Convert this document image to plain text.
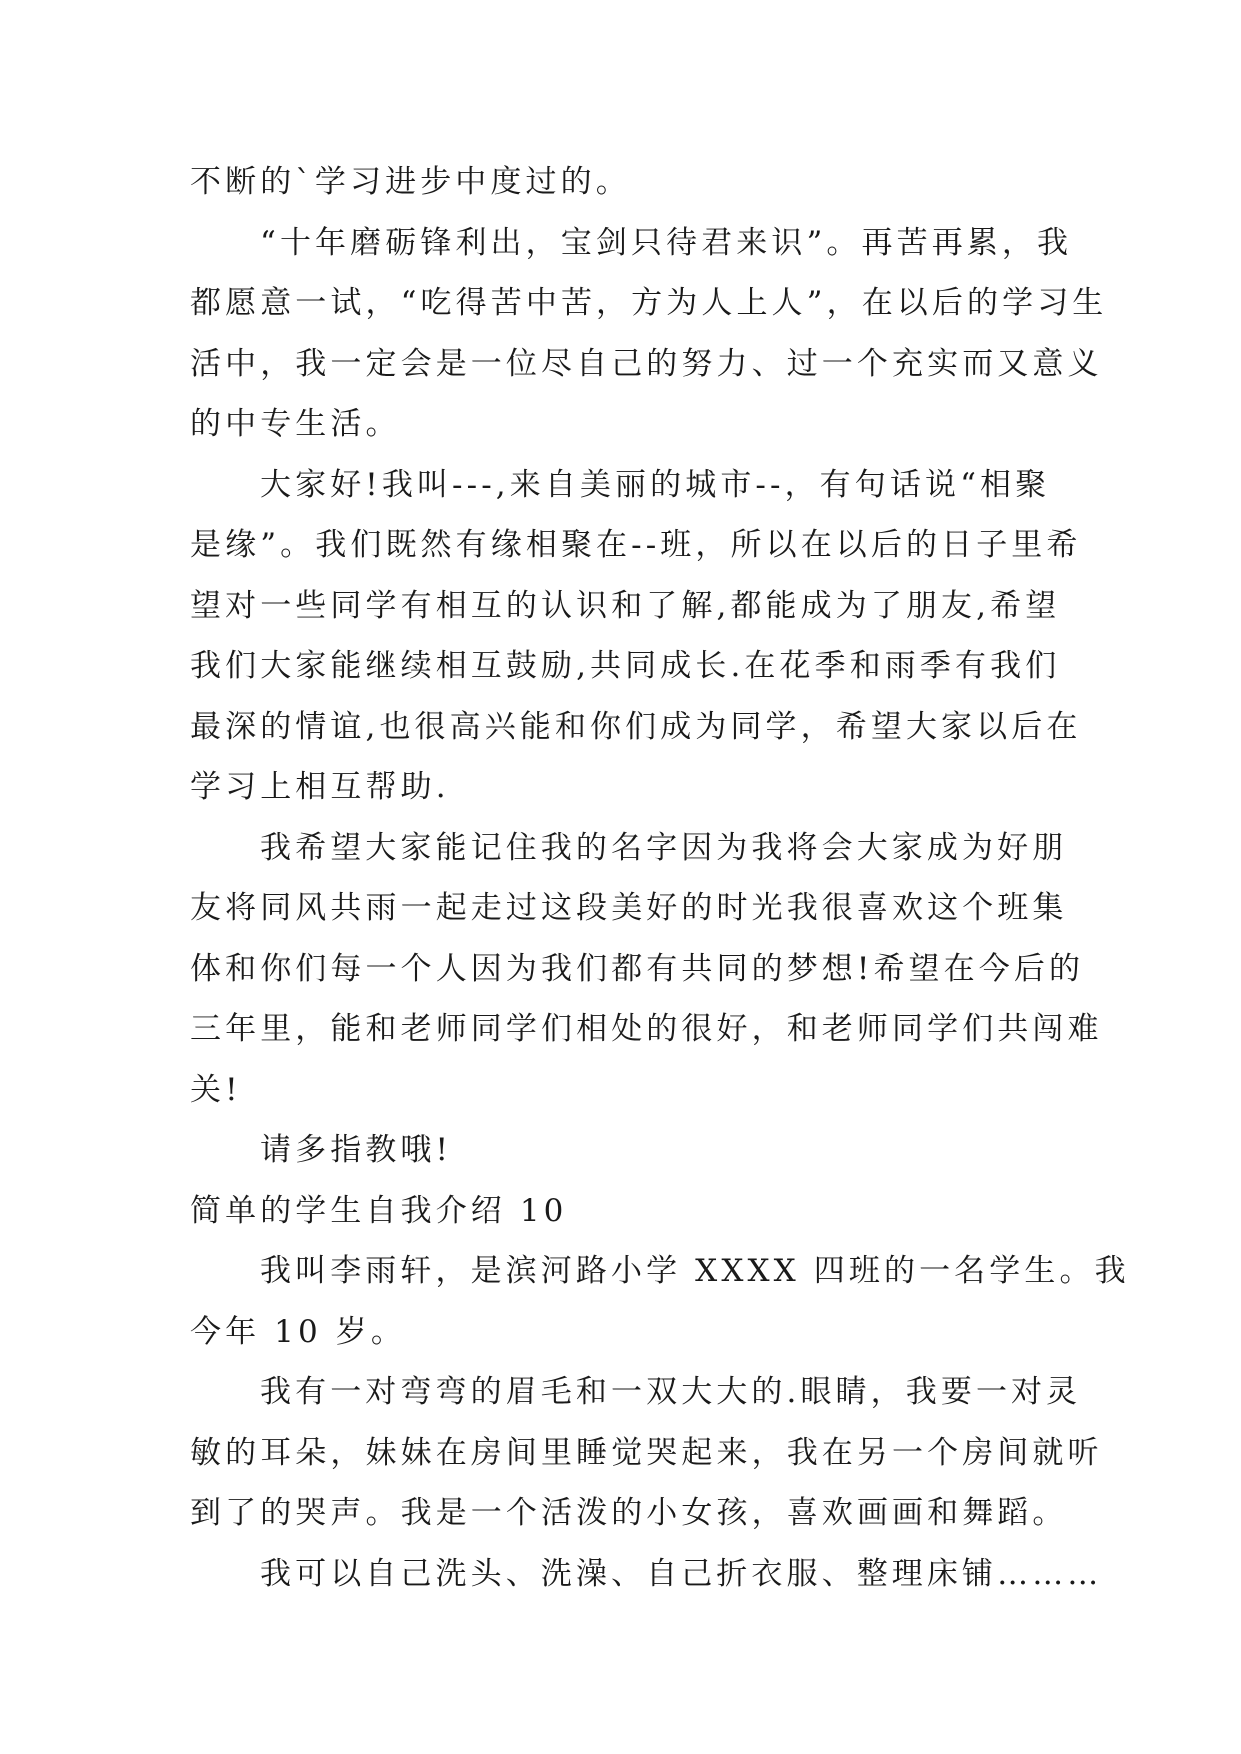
不断的`学习进步中度过的。
“十年磨砺锋利出，宝剑只待君来识”。再苦再累，我
都愿意一试，“吃得苦中苦，方为人上人”，在以后的学习生
活中，我一定会是一位尽自己的努力、过一个充实而又意义
的中专生活。
大家好!我叫---,来自美丽的城市--，有句话说“相聚
是缘”。我们既然有缘相聚在--班，所以在以后的日子里希
望对一些同学有相互的认识和了解,都能成为了朋友,希望
我们大家能继续相互鼓励,共同成长.在花季和雨季有我们
最深的情谊,也很高兴能和你们成为同学，希望大家以后在
学习上相互帮助.
我希望大家能记住我的名字因为我将会大家成为好朋
友将同风共雨一起走过这段美好的时光我很喜欢这个班集
体和你们每一个人因为我们都有共同的梦想!希望在今后的
三年里，能和老师同学们相处的很好，和老师同学们共闯难
关!
请多指教哦!
简单的学生自我介绍 10
我叫李雨轩，是滨河路小学 XXXX 四班的一名学生。我
今年 10 岁。
我有一对弯弯的眉毛和一双大大的.眼睛，我要一对灵
敏的耳朵，妹妹在房间里睡觉哭起来，我在另一个房间就听
到了的哭声。我是一个活泼的小女孩，喜欢画画和舞蹈。
我可以自己洗头、洗澡、自己折衣服、整理床铺………
